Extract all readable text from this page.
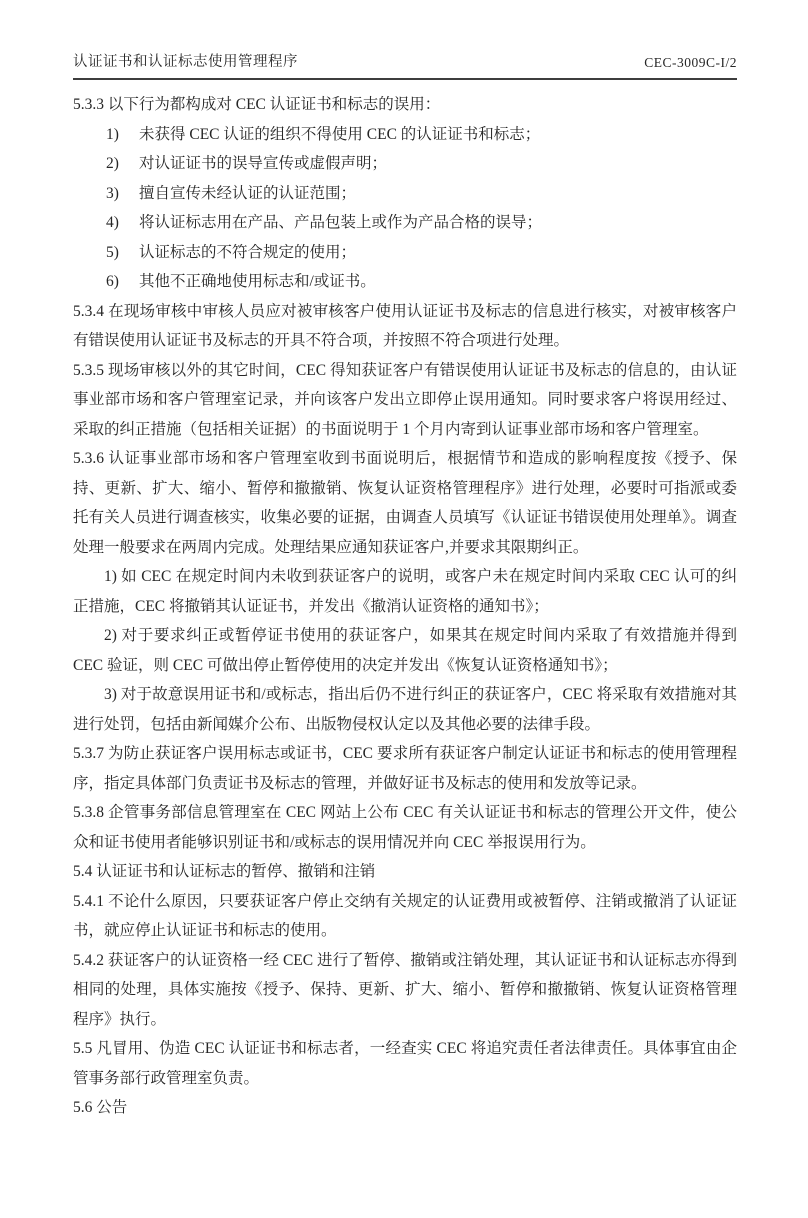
认证证书和认证标志使用管理程序	CEC-3009C-I/2

5.3.3 以下行为都构成对 CEC 认证证书和标志的误用：

1) 未获得 CEC 认证的组织不得使用 CEC 的认证证书和标志；

2) 对认证证书的误导宣传或虚假声明；

3) 擅自宣传未经认证的认证范围；

4) 将认证标志用在产品、产品包装上或作为产品合格的误导；

5) 认证标志的不符合规定的使用；

6) 其他不正确地使用标志和/或证书。

5.3.4 在现场审核中审核人员应对被审核客户使用认证证书及标志的信息进行核实，对被审核客户有错误使用认证证书及标志的开具不符合项，并按照不符合项进行处理。

5.3.5 现场审核以外的其它时间，CEC 得知获证客户有错误使用认证证书及标志的信息的，由认证事业部市场和客户管理室记录，并向该客户发出立即停止误用通知。同时要求客户将误用经过、采取的纠正措施（包括相关证据）的书面说明于 1 个月内寄到认证事业部市场和客户管理室。

5.3.6 认证事业部市场和客户管理室收到书面说明后，根据情节和造成的影响程度按《授予、保持、更新、扩大、缩小、暂停和撤撤销、恢复认证资格管理程序》进行处理，必要时可指派或委托有关人员进行调查核实，收集必要的证据，由调查人员填写《认证证书错误使用处理单》。调查处理一般要求在两周内完成。处理结果应通知获证客户,并要求其限期纠正。

1) 如 CEC 在规定时间内未收到获证客户的说明，或客户未在规定时间内采取 CEC 认可的纠正措施，CEC 将撤销其认证证书，并发出《撤消认证资格的通知书》；

2) 对于要求纠正或暂停证书使用的获证客户，如果其在规定时间内采取了有效措施并得到 CEC 验证，则 CEC 可做出停止暂停使用的决定并发出《恢复认证资格通知书》；

3) 对于故意误用证书和/或标志，指出后仍不进行纠正的获证客户，CEC 将采取有效措施对其进行处罚，包括由新闻媒介公布、出版物侵权认定以及其他必要的法律手段。

5.3.7 为防止获证客户误用标志或证书，CEC 要求所有获证客户制定认证证书和标志的使用管理程序，指定具体部门负责证书及标志的管理，并做好证书及标志的使用和发放等记录。

5.3.8 企管事务部信息管理室在 CEC 网站上公布 CEC 有关认证证书和标志的管理公开文件，使公众和证书使用者能够识别证书和/或标志的误用情况并向 CEC 举报误用行为。

5.4 认证证书和认证标志的暂停、撤销和注销

5.4.1 不论什么原因，只要获证客户停止交纳有关规定的认证费用或被暂停、注销或撤消了认证证书，就应停止认证证书和标志的使用。

5.4.2 获证客户的认证资格一经 CEC 进行了暂停、撤销或注销处理，其认证证书和认证标志亦得到相同的处理，具体实施按《授予、保持、更新、扩大、缩小、暂停和撤撤销、恢复认证资格管理程序》执行。

5.5 凡冒用、伪造 CEC 认证证书和标志者，一经查实 CEC 将追究责任者法律责任。具体事宜由企管事务部行政管理室负责。

5.6 公告
